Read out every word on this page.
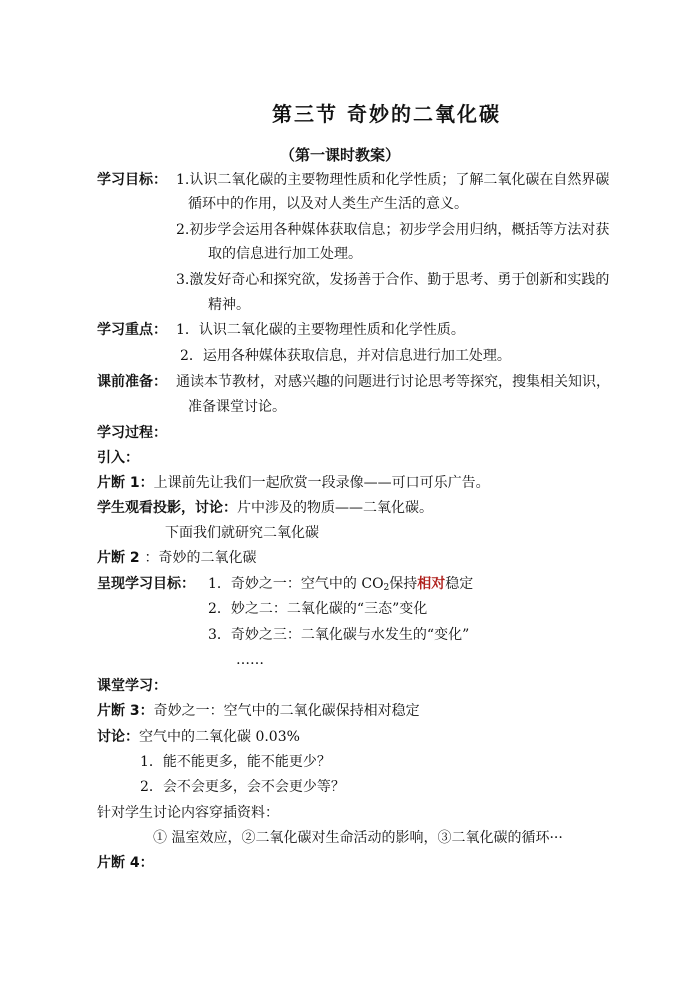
第三节 奇妙的二氧化碳
（第一课时教案）
学习目标： 1.认识二氧化碳的主要物理性质和化学性质；了解二氧化碳在自然界碳
循环中的作用，以及对人类生产生活的意义。
2.初步学会运用各种媒体获取信息；初步学会用归纳，概括等方法对获
取的信息进行加工处理。
3.激发好奇心和探究欲，发扬善于合作、勤于思考、勇于创新和实践的
精神。
学习重点： 1．认识二氧化碳的主要物理性质和化学性质。
2．运用各种媒体获取信息，并对信息进行加工处理。
课前准备： 通读本节教材，对感兴趣的问题进行讨论思考等探究，搜集相关知识，
准备课堂讨论。
学习过程：
引入：
片断 1：上课前先让我们一起欣赏一段录像——可口可乐广告。
学生观看投影，讨论：片中涉及的物质——二氧化碳。
下面我们就研究二氧化碳
片断 2 ：奇妙的二氧化碳
呈现学习目标： 1．奇妙之一：空气中的 $CO_2$保持相对稳定
2．妙之二：二氧化碳的“三态”变化
3．奇妙之三：二氧化碳与水发生的“变化”
……
课堂学习：
片断 3：奇妙之一：空气中的二氧化碳保持相对稳定
讨论：空气中的二氧化碳 0.03%
1．能不能更多，能不能更少？
2．会不会更多，会不会更少等？
针对学生讨论内容穿插资料：
① 温室效应，②二氧化碳对生命活动的影响，③二氧化碳的循环···
片断 4：
